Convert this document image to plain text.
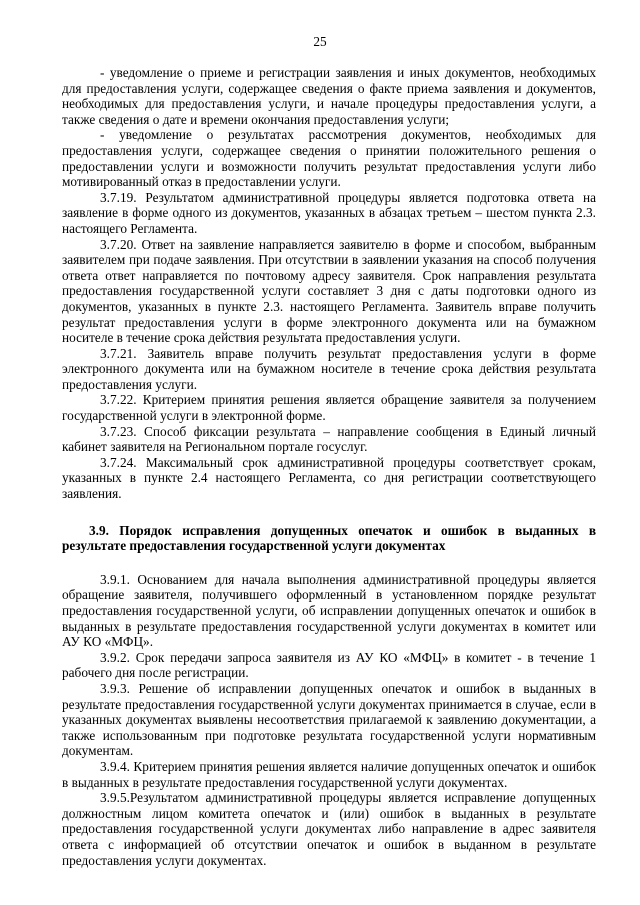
25

- уведомление о приеме и регистрации заявления и иных документов, необходимых для предоставления услуги, содержащее сведения о факте приема заявления и документов, необходимых для предоставления услуги, и начале процедуры предоставления услуги, а также сведения о дате и времени окончания предоставления услуги;

- уведомление о результатах рассмотрения документов, необходимых для предоставления услуги, содержащее сведения о принятии положительного решения о предоставлении услуги и возможности получить результат предоставления услуги либо мотивированный отказ в предоставлении услуги.

3.7.19. Результатом административной процедуры является подготовка ответа на заявление в форме одного из документов, указанных в абзацах третьем – шестом пункта 2.3. настоящего Регламента.

3.7.20. Ответ на заявление направляется заявителю в форме и способом, выбранным заявителем при подаче заявления. При отсутствии в заявлении указания на способ получения ответа ответ направляется по почтовому адресу заявителя. Срок направления результата предоставления государственной услуги составляет 3 дня с даты подготовки одного из документов, указанных в пункте 2.3. настоящего Регламента. Заявитель вправе получить результат предоставления услуги в форме электронного документа или на бумажном носителе в течение срока действия результата предоставления услуги.

3.7.21. Заявитель вправе получить результат предоставления услуги в форме электронного документа или на бумажном носителе в течение срока действия результата предоставления услуги.

3.7.22. Критерием принятия решения является обращение заявителя за получением государственной услуги в электронной форме.

3.7.23. Способ фиксации результата – направление сообщения в Единый личный кабинет заявителя на Региональном портале госуслуг.

3.7.24. Максимальный срок административной процедуры соответствует срокам, указанных в пункте 2.4 настоящего Регламента, со дня регистрации соответствующего заявления.

3.9. Порядок исправления допущенных опечаток и ошибок в выданных в результате предоставления государственной услуги документах

3.9.1. Основанием для начала выполнения административной процедуры является обращение заявителя, получившего оформленный в установленном порядке результат предоставления государственной услуги, об исправлении допущенных опечаток и ошибок в выданных в результате предоставления государственной услуги документах в комитет или АУ КО «МФЦ».

3.9.2. Срок передачи запроса заявителя из АУ КО «МФЦ» в комитет - в течение 1 рабочего дня после регистрации.

3.9.3. Решение об исправлении допущенных опечаток и ошибок в выданных в результате предоставления государственной услуги документах принимается в случае, если в указанных документах выявлены несоответствия прилагаемой к заявлению документации, а также использованным при подготовке результата государственной услуги нормативным документам.

3.9.4. Критерием принятия решения является наличие допущенных опечаток и ошибок в выданных в результате предоставления государственной услуги документах.

3.9.5.Результатом административной процедуры является исправление допущенных должностным лицом комитета опечаток и (или) ошибок в выданных в результате предоставления государственной услуги документах либо направление в адрес заявителя ответа с информацией об отсутствии опечаток и ошибок в выданном в результате предоставления услуги документах.
